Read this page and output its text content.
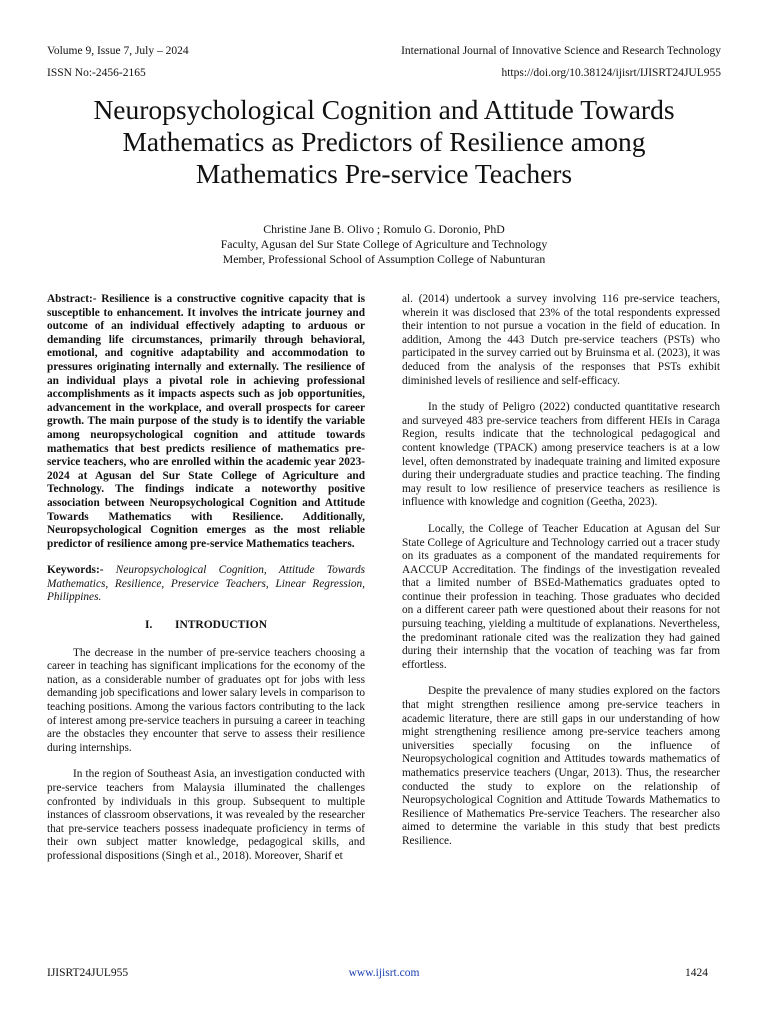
Volume 9, Issue 7, July – 2024	International Journal of Innovative Science and Research Technology
ISSN No:-2456-2165	https://doi.org/10.38124/ijisrt/IJISRT24JUL955
Neuropsychological Cognition and Attitude Towards
Mathematics as Predictors of Resilience among
Mathematics Pre-service Teachers
Christine Jane B. Olivo ; Romulo G. Doronio, PhD
Faculty, Agusan del Sur State College of Agriculture and Technology
Member, Professional School of Assumption College of Nabunturan

Abstract:- Resilience is a constructive cognitive capacity that is susceptible to enhancement. It involves the intricate journey and outcome of an individual effectively adapting to arduous or demanding life circumstances, primarily through behavioral, emotional, and cognitive adaptability and accommodation to pressures originating internally and externally. The resilience of an individual plays a pivotal role in achieving professional accomplishments as it impacts aspects such as job opportunities, advancement in the workplace, and overall prospects for career growth. The main purpose of the study is to identify the variable among neuropsychological cognition and attitude towards mathematics that best predicts resilience of mathematics pre-service teachers, who are enrolled within the academic year 2023-2024 at Agusan del Sur State College of Agriculture and Technology. The findings indicate a noteworthy positive association between Neuropsychological Cognition and Attitude Towards Mathematics with Resilience. Additionally, Neuropsychological Cognition emerges as the most reliable predictor of resilience among pre-service Mathematics teachers.

Keywords:- Neuropsychological Cognition, Attitude Towards Mathematics, Resilience, Preservice Teachers, Linear Regression, Philippines.

I. INTRODUCTION

The decrease in the number of pre-service teachers choosing a career in teaching has significant implications for the economy of the nation, as a considerable number of graduates opt for jobs with less demanding job specifications and lower salary levels in comparison to teaching positions. Among the various factors contributing to the lack of interest among pre-service teachers in pursuing a career in teaching are the obstacles they encounter that serve to assess their resilience during internships.

In the region of Southeast Asia, an investigation conducted with pre-service teachers from Malaysia illuminated the challenges confronted by individuals in this group. Subsequent to multiple instances of classroom observations, it was revealed by the researcher that pre-service teachers possess inadequate proficiency in terms of their own subject matter knowledge, pedagogical skills, and professional dispositions (Singh et al., 2018). Moreover, Sharif et

al. (2014) undertook a survey involving 116 pre-service teachers, wherein it was disclosed that 23% of the total respondents expressed their intention to not pursue a vocation in the field of education. In addition, Among the 443 Dutch pre-service teachers (PSTs) who participated in the survey carried out by Bruinsma et al. (2023), it was deduced from the analysis of the responses that PSTs exhibit diminished levels of resilience and self-efficacy.

In the study of Peligro (2022) conducted quantitative research and surveyed 483 pre-service teachers from different HEIs in Caraga Region, results indicate that the technological pedagogical and content knowledge (TPACK) among preservice teachers is at a low level, often demonstrated by inadequate training and limited exposure during their undergraduate studies and practice teaching. The finding may result to low resilience of preservice teachers as resilience is influence with knowledge and cognition (Geetha, 2023).

Locally, the College of Teacher Education at Agusan del Sur State College of Agriculture and Technology carried out a tracer study on its graduates as a component of the mandated requirements for AACCUP Accreditation. The findings of the investigation revealed that a limited number of BSEd-Mathematics graduates opted to continue their profession in teaching. Those graduates who decided on a different career path were questioned about their reasons for not pursuing teaching, yielding a multitude of explanations. Nevertheless, the predominant rationale cited was the realization they had gained during their internship that the vocation of teaching was far from effortless.

Despite the prevalence of many studies explored on the factors that might strengthen resilience among pre-service teachers in academic literature, there are still gaps in our understanding of how might strengthening resilience among pre-service teachers among universities specially focusing on the influence of Neuropsychological cognition and Attitudes towards mathematics of mathematics preservice teachers (Ungar, 2013). Thus, the researcher conducted the study to explore on the relationship of Neuropsychological Cognition and Attitude Towards Mathematics to Resilience of Mathematics Pre-service Teachers. The researcher also aimed to determine the variable in this study that best predicts Resilience.

IJISRT24JUL955	www.ijisrt.com	1424
